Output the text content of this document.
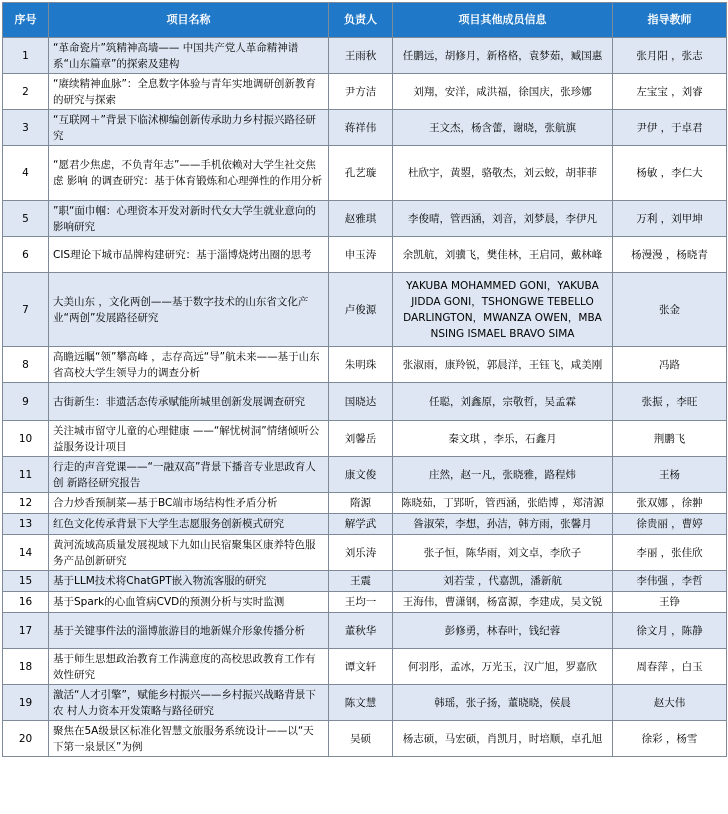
序号	项目名称	负责人	项目其他成员信息	指导教师
1	“革命瓷片”筑精神高墙—— 中国共产党人革命精神谱系“山东篇章”的探索及建构	王雨秋	任鹏远，胡修月，新格格，袁梦茹，臧国惠	张月阳 ，张志
2	“赓续精神血脉”：全息数字体验与青年实地调研创新教育的研究与探索	尹方洁	刘翔，安洋，咸洪福，徐国庆，张珍娜	左宝宝 ，刘睿
3	“互联网＋”背景下临沭柳编创新传承助力乡村振兴路径研究	蒋祥伟	王文杰，杨含蕾，谢晓，张航旗	尹伊 ，于卓君
4	“愿君少焦虑，不负青年志”——手机依赖对大学生社交焦虑 影响 的调查研究：基于体育锻炼和心理弹性的作用分析	孔艺璇	杜欣宇，黄曌，骆敬杰，刘云蛟，胡菲菲	杨敏 ，李仁大
5	”职“面巾帼：心理资本开发对新时代女大学生就业意向的影响研究	赵雅琪	李俊晴，管西涵，刘音，刘梦晨，李伊凡	万利 ，刘甲坤
6	CIS理论下城市品牌构建研究：基于淄博烧烤出圈的思考	申玉涛	余凯航，刘骥飞，樊佳林，王启同，戴林峰	杨漫漫 ，杨晓青
7	大美山东 ，文化两创——基于数字技术的山东省文化产业“两创”发展路径研究	卢俊源	YAKUBA MOHAMMED GONI，YAKUBA JIDDA GONI，TSHONGWE TEBELLO DARLINGTON，MWANZA OWEN，MBA NSING ISMAEL BRAVO SIMA	张金
8	高瞻远瞩“领”攀高峰 ，志存高远“导”航未来——基于山东省高校大学生领导力的调查分析	朱明珠	张淑雨，康羚锐，郭晨洋，王钰飞，咸美刚	冯路
9	古街新生：非遗活态传承赋能所城里创新发展调查研究	国晓达	任聪，刘鑫原，宗敬哲，吴孟霖	张振 ，李旺
10	关注城市留守儿童的心理健康 ——“解忧树洞”情绪倾听公益服务设计项目	刘馨岳	秦文琪 ，李乐，石鑫月	荆鹏飞
11	行走的声音党课——“一融双高”背景下播音专业思政育人创 新路径研究报告	康文俊	庄然，赵一凡，张晓雅，路程炜	王杨
12	合力炒香预制菜—基于BC端市场结构性矛盾分析	隋源	陈晓茹，丁郢昕，管西涵，张皓博 ，郑清源	张双娜 ，徐翀
13	红色文化传承背景下大学生志愿服务创新模式研究	解学武	昝淑荣，李想，孙洁，韩方雨，张馨月	徐贵丽 ，曹婷
14	黄河流域高质量发展视域下九如山民宿聚集区康养特色服务产品创新研究	刘乐涛	张子恒，陈华雨，刘文卓，李欣子	李丽 ，张佳欣
15	基于LLM技术将ChatGPT嵌入物流客服的研究	王震	刘若莹 ，代嘉凯，潘新航	李伟强 ，李哲
16	基于Spark的心血管病CVD的预测分析与实时监测	王均一	王海伟，曹潇钢，杨富源，李建成，吴文锐	王铮
17	基于关键事件法的淄博旅游目的地新媒介形象传播分析	董秋华	彭修勇，林春叶，钱纪蓉	徐文月 ，陈静
18	基于师生思想政治教育工作满意度的高校思政教育工作有效性研究	谭文轩	何羽彤，孟冰，万光玉，汉广旭，罗嘉欣	周春萍 ，白玉
19	激活“人才引擎”，赋能乡村振兴——乡村振兴战略背景下农 村人力资本开发策略与路径研究	陈文慧	韩瑶，张子扬，董晓晓，侯晨	赵大伟
20	聚焦在5A级景区标准化智慧文旅服务系统设计——以“天下第一泉景区”为例	吴硕	杨志硕，马宏硕，肖凯月，时培顺，卓孔旭	徐彩 ，杨雪
